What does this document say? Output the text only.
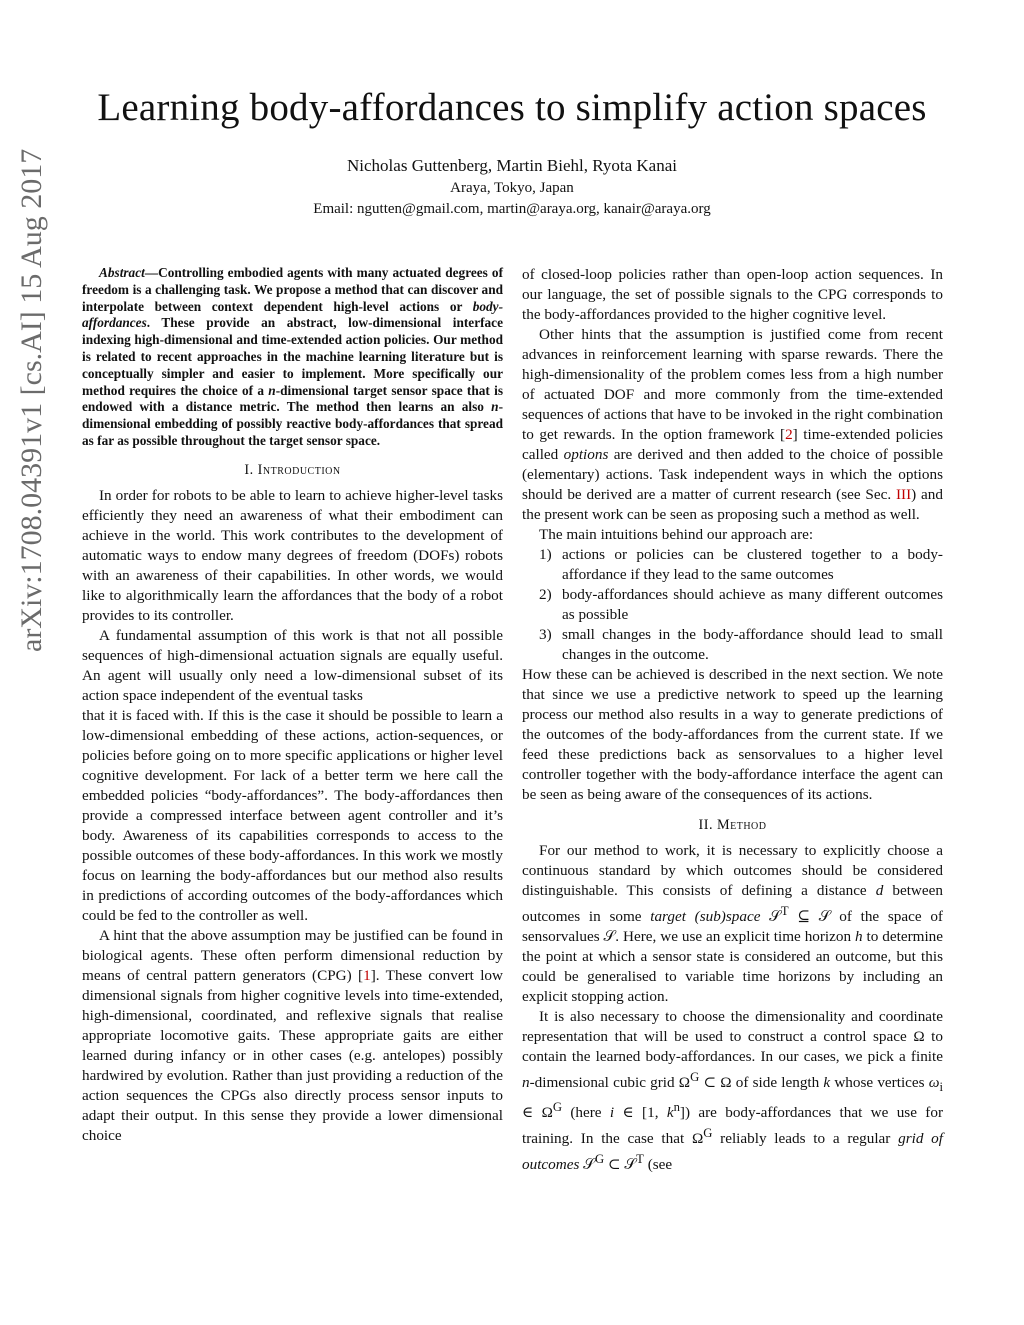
Learning body-affordances to simplify action spaces
Nicholas Guttenberg, Martin Biehl, Ryota Kanai
Araya, Tokyo, Japan
Email: ngutten@gmail.com, martin@araya.org, kanair@araya.org
arXiv:1708.04391v1 [cs.AI] 15 Aug 2017	Abstract—Controlling embodied agents with many actuated degrees of freedom is a challenging task. We propose a method that can discover and interpolate between context dependent high-level actions or body-affordances. These provide an abstract, low-dimensional interface indexing high-dimensional and time-extended action policies. Our method is related to recent approaches in the machine learning literature but is conceptually simpler and easier to implement. More specifically our method requires the choice of a n-dimensional target sensor space that is endowed with a distance metric. The method then learns an also n-dimensional embedding of possibly reactive body-affordances that spread as far as possible throughout the target sensor space.

I. Introduction

In order for robots to be able to learn to achieve higher-level tasks efficiently they need an awareness of what their embodiment can achieve in the world. This work contributes to the development of automatic ways to endow many degrees of freedom (DOFs) robots with an awareness of their capabilities. In other words, we would like to algorithmically learn the affordances that the body of a robot provides to its controller.

A fundamental assumption of this work is that not all possible sequences of high-dimensional actuation signals are equally useful. An agent will usually only need a low-dimensional subset of its action space independent of the eventual tasks

that it is faced with. If this is the case it should be possible to learn a low-dimensional embedding of these actions, action-sequences, or policies before going on to more specific applications or higher level cognitive development. For lack of a better term we here call the embedded policies “body-affordances”. The body-affordances then provide a compressed interface between agent controller and it’s body. Awareness of its capabilities corresponds to access to the possible outcomes of these body-affordances. In this work we mostly focus on learning the body-affordances but our method also results in predictions of according outcomes of the body-affordances which could be fed to the controller as well.

A hint that the above assumption may be justified can be found in biological agents. These often perform dimensional reduction by means of central pattern generators (CPG) [1]. These convert low dimensional signals from higher cognitive levels into time-extended, high-dimensional, coordinated, and reflexive signals that realise appropriate locomotive gaits. These appropriate gaits are either learned during infancy or in other cases (e.g. antelopes) possibly hardwired by evolution. Rather than just providing a reduction of the action sequences the CPGs also directly process sensor inputs to adapt their output. In this sense they provide a lower dimensional choice

of closed-loop policies rather than open-loop action sequences. In our language, the set of possible signals to the CPG corresponds to the body-affordances provided to the higher cognitive level.

Other hints that the assumption is justified come from recent advances in reinforcement learning with sparse rewards. There the high-dimensionality of the problem comes less from a high number of actuated DOF and more commonly from the time-extended sequences of actions that have to be invoked in the right combination to get rewards. In the option framework [2] time-extended policies called options are derived and then added to the choice of possible (elementary) actions. Task independent ways in which the options should be derived are a matter of current research (see Sec. III) and the present work can be seen as proposing such a method as well.

The main intuitions behind our approach are:

1) actions or policies can be clustered together to a body-affordance if they lead to the same outcomes
2) body-affordances should achieve as many different outcomes as possible
3) small changes in the body-affordance should lead to small changes in the outcome.

How these can be achieved is described in the next section. We note that since we use a predictive network to speed up the learning process our method also results in a way to generate predictions of the outcomes of the body-affordances from the current state. If we feed these predictions back as sensorvalues to a higher level controller together with the body-affordance interface the agent can be seen as being aware of the consequences of its actions.

II. Method

For our method to work, it is necessary to explicitly choose a continuous standard by which outcomes should be considered distinguishable. This consists of defining a distance d between outcomes in some target (sub)space 𝒮$^T$ ⊆ 𝒮 of the space of sensorvalues 𝒮. Here, we use an explicit time horizon h to determine the point at which a sensor state is considered an outcome, but this could be generalised to variable time horizons by including an explicit stopping action.

It is also necessary to choose the dimensionality and coordinate representation that will be used to construct a control space Ω to contain the learned body-affordances. In our cases, we pick a finite n-dimensional cubic grid $\Omega^G$ ⊂ Ω of side length k whose vertices $\omega_i$ ∈ $\Omega^G$ (here i ∈ [1, $k^n$]) are body-affordances that we use for training. In the case that $\Omega^G$ reliably leads to a regular grid of outcomes 𝒮$^G$ ⊂ 𝒮$^T$ (see
